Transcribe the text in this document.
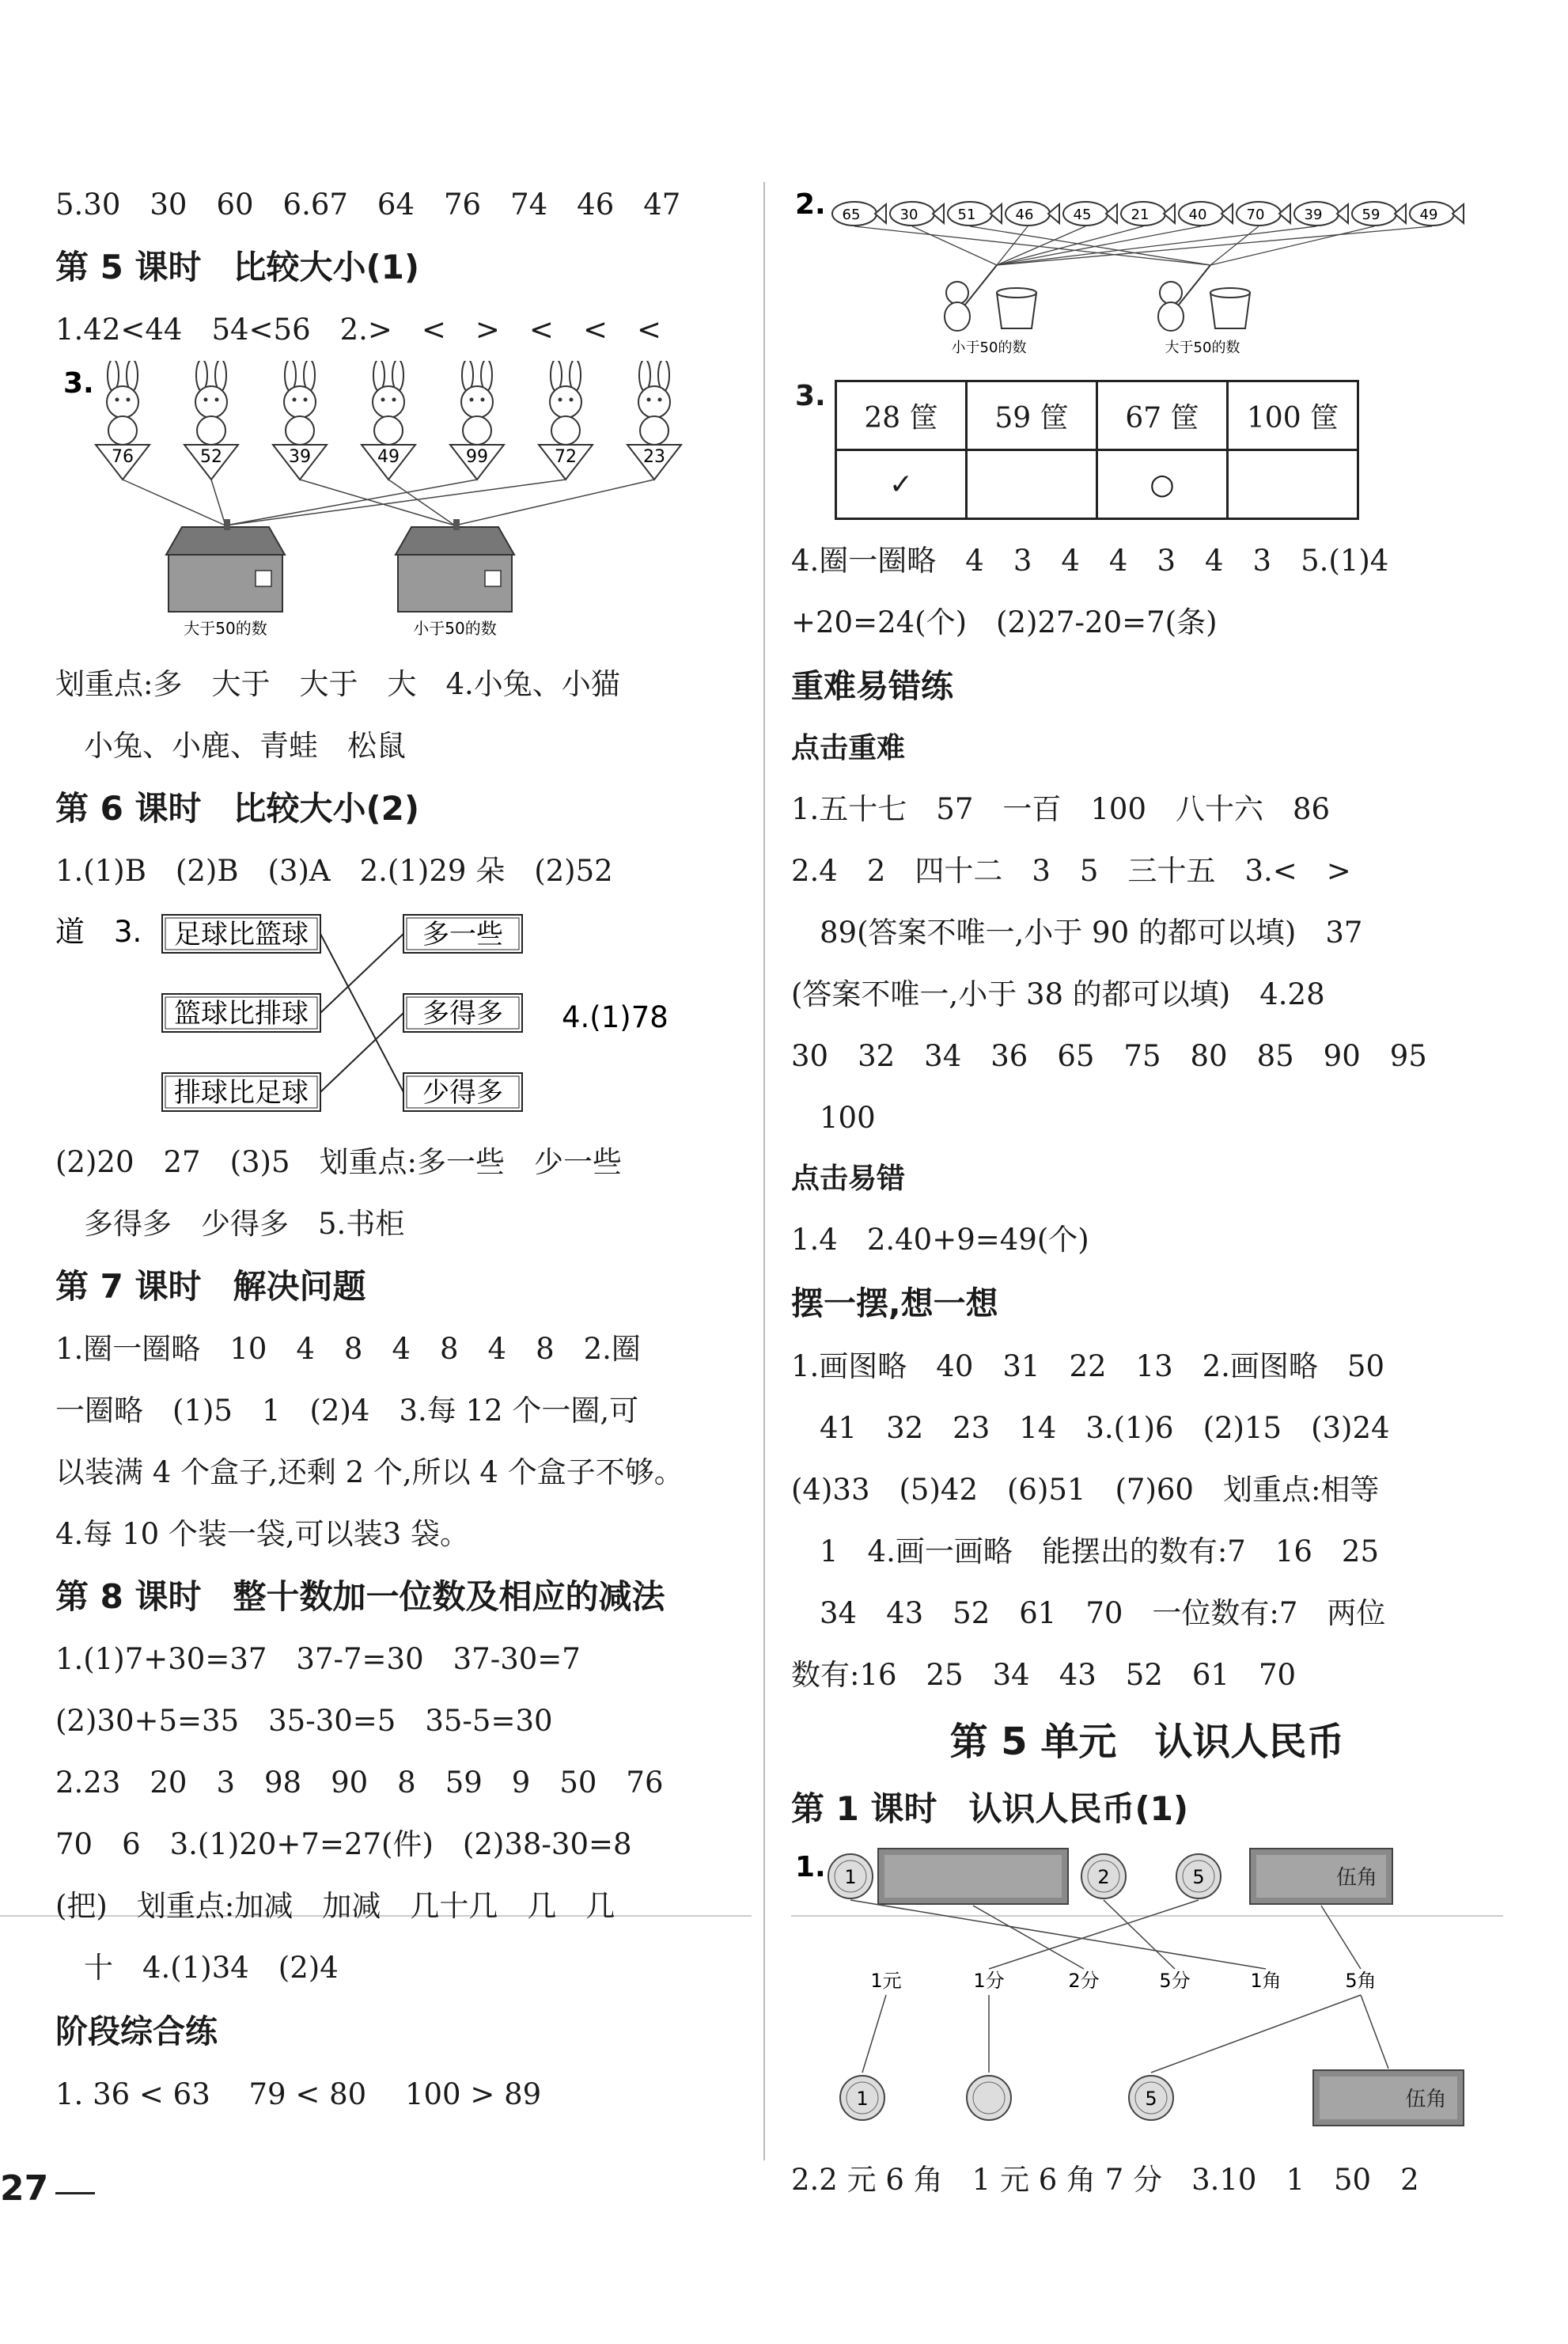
5.30　30　60　6.67　64　76　74　46　47
第 5 课时 比较大小(1)
1.42<44　54<56　2.>　<　>　<　<　<
3.
76	52	39	49	99	72	23
大于50的数	小于50的数
划重点:多　大于　大于　大　4.小兔、小猫
小兔、小鹿、青蛙　松鼠
第 6 课时 比较大小(2)
1.(1)B　(2)B　(3)A　2.(1)29 朵　(2)52
道　3. 足球比篮球
篮球比排球
排球比足球
多一些
多得多
少得多
4.(1)78
(2)20　27　(3)5　划重点:多一些　少一些
多得多　少得多　5.书柜
第 7 课时 解决问题
1.圈一圈略　10　4　8　4　8　4　8　2.圈
一圈略　(1)5　1　(2)4　3.每 12 个一圈,可
以装满 4 个盒子,还剩 2 个,所以 4 个盒子不够。
4.每 10 个装一袋,可以装3 袋。
第 8 课时 整十数加一位数及相应的减法
1.(1)7+30=37　37-7=30　37-30=7
(2)30+5=35　35-30=5　35-5=30
2.23　20　3　98　90　8　59　9　50　76
70　6　3.(1)20+7=27(件)　(2)38-30=8
(把)　划重点:加减　加减　几十几　几　几
十　4.(1)34　(2)4
阶段综合练
1. 36 < 63　 79 < 80　 100 > 89
2. 65	30	51	46	45	21	40	70	39	59	49
小于50的数	大于50的数
3.
28 筐	59 筐	67 筐	100 筐
✓		○	
4.圈一圈略　4　3　4　4　3　4　3　5.(1)4
+20=24(个)　(2)27-20=7(条)
重难易错练
点击重难
1.五十七　57　一百　100　八十六　86
2.4　2　四十二　3　5　三十五　3.<　>
89(答案不唯一,小于 90 的都可以填)　37
(答案不唯一,小于 38 的都可以填)　4.28
30　32　34　36　65　75　80　85　90　95
100
点击易错
1.4　2.40+9=49(个)
摆一摆,想一想
1.画图略　40　31　22　13　2.画图略　50
41　32　23　14　3.(1)6　(2)15　(3)24
(4)33　(5)42　(6)51　(7)60　划重点:相等
1　4.画一画略　能摆出的数有:7　16　25
34　43　52　61　70　一位数有:7　两位
数有:16　25　34　43　52　61　70
第 5 单元 认识人民币
第 1 课时 认识人民币(1)
1. 1	2	5	伍角
1元	1分	2分	5分	1角	5角
1	5	伍角
2.2 元 6 角　1 元 6 角 7 分　3.10　1　50　2
27
